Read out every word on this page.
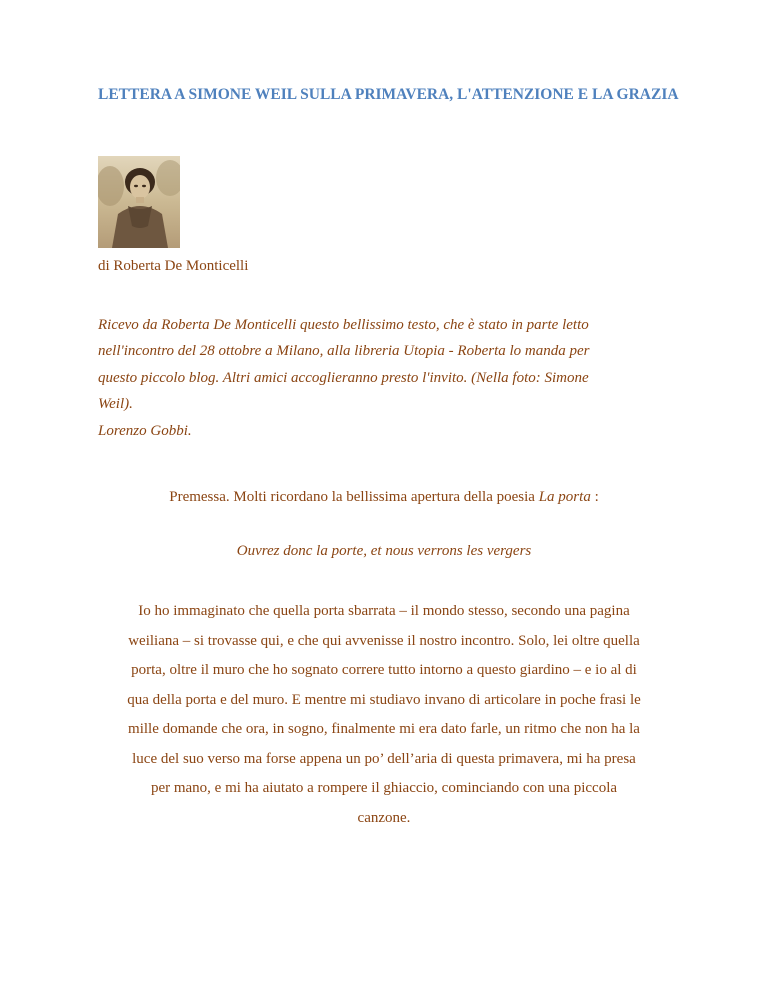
LETTERA A SIMONE WEIL SULLA PRIMAVERA, L'ATTENZIONE E LA GRAZIA
di Roberta De Monticelli
Ricevo da Roberta De Monticelli questo bellissimo testo, che è stato in parte letto
nell'incontro del 28 ottobre a Milano, alla libreria Utopia - Roberta lo manda per
questo piccolo blog. Altri amici accoglieranno presto l'invito. (Nella foto: Simone
Weil).
Lorenzo Gobbi.
Premessa. Molti ricordano la bellissima apertura della poesia La porta :
Ouvrez donc la porte, et nous verrons les vergers
Io ho immaginato che quella porta sbarrata – il mondo stesso, secondo una pagina
weiliana – si trovasse qui, e che qui avvenisse il nostro incontro. Solo, lei oltre quella
porta, oltre il muro che ho sognato correre tutto intorno a questo giardino – e io al di
qua della porta e del muro. E mentre mi studiavo invano di articolare in poche frasi le
mille domande che ora, in sogno, finalmente mi era dato farle, un ritmo che non ha la
luce del suo verso ma forse appena un po’ dell’aria di questa primavera, mi ha presa
per mano, e mi ha aiutato a rompere il ghiaccio, cominciando con una piccola
canzone.
